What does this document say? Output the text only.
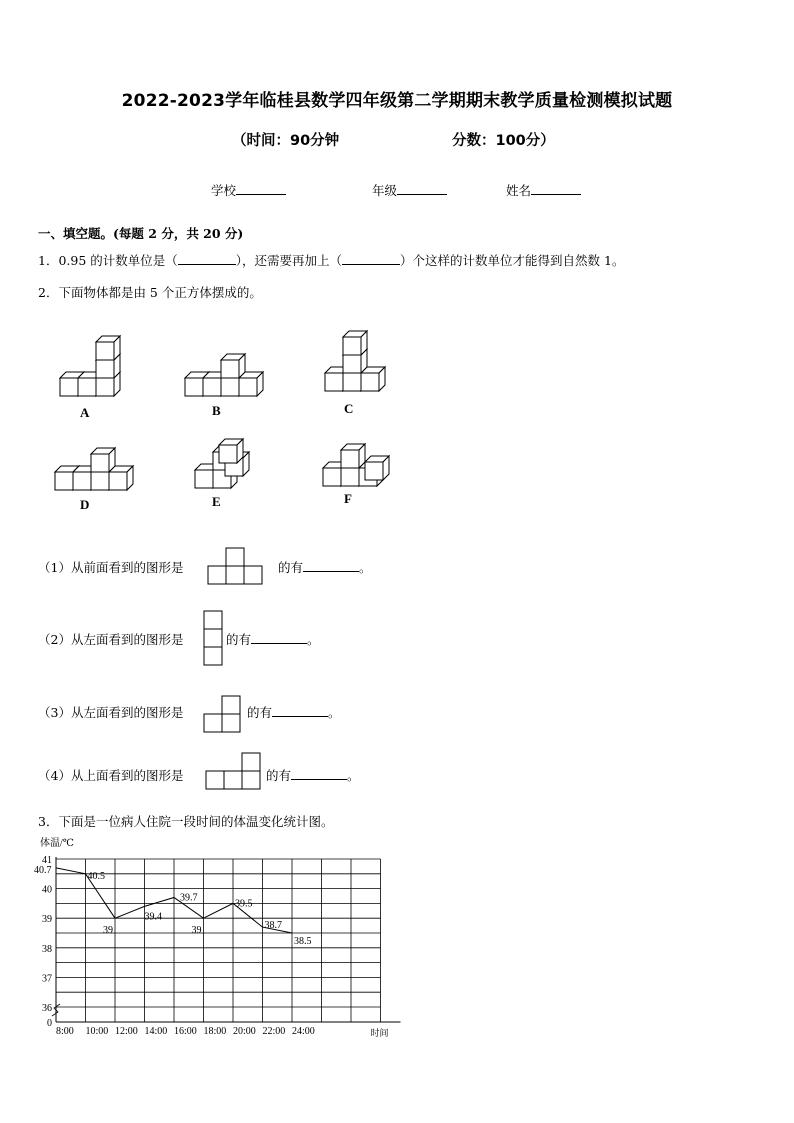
2022-2023学年临桂县数学四年级第二学期期末教学质量检测模拟试题
（时间：90分钟	分数：100分）
学校	年级	姓名
一、填空题。(每题 2 分，共 20 分)
1．0.95 的计数单位是（	），还需要再加上（	）个这样的计数单位才能得到自然数 1。
2．下面物体都是由 5 个正方体摆成的。
A	B	C
D	E	F
（1）从前面看到的图形是	的有	。
（2）从左面看到的图形是	的有	。
（3）从左面看到的图形是	的有	。
（4）从上面看到的图形是	的有	。
3．下面是一位病人住院一段时间的体温变化统计图。
41
40
39
38
37
36
0
体温/℃
时间
8:00 10:00 12:00 14:00 16:00 18:00 20:00 22:00 24:00
40.7
40.5
39
39.4
39.7
39
39.5
38.7
38.5
